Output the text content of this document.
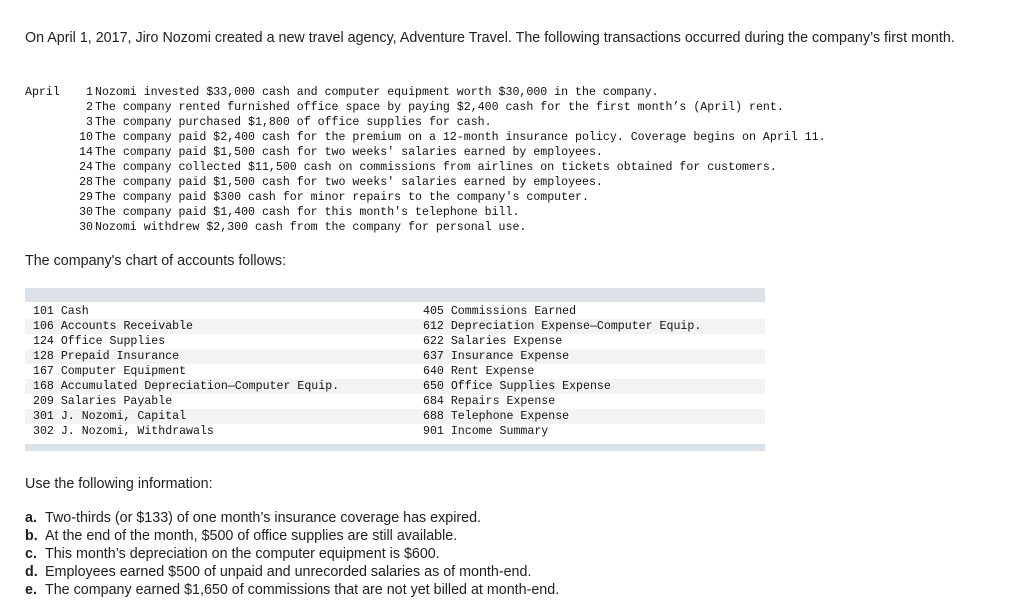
On April 1, 2017, Jiro Nozomi created a new travel agency, Adventure Travel. The following transactions occurred during the company’s first month.

April	1 Nozomi invested $33,000 cash and computer equipment worth $30,000 in the company.
2 The company rented furnished office space by paying $2,400 cash for the first month’s (April) rent.
3 The company purchased $1,800 of office supplies for cash.
10 The company paid $2,400 cash for the premium on a 12-month insurance policy. Coverage begins on April 11.
14 The company paid $1,500 cash for two weeks' salaries earned by employees.
24 The company collected $11,500 cash on commissions from airlines on tickets obtained for customers.
28 The company paid $1,500 cash for two weeks' salaries earned by employees.
29 The company paid $300 cash for minor repairs to the company's computer.
30 The company paid $1,400 cash for this month's telephone bill.
30 Nozomi withdrew $2,300 cash from the company for personal use.

The company's chart of accounts follows:

101 Cash	405 Commissions Earned
106 Accounts Receivable	612 Depreciation Expense—Computer Equip.
124 Office Supplies	622 Salaries Expense
128 Prepaid Insurance	637 Insurance Expense
167 Computer Equipment	640 Rent Expense
168 Accumulated Depreciation—Computer Equip.	650 Office Supplies Expense
209 Salaries Payable	684 Repairs Expense
301 J. Nozomi, Capital	688 Telephone Expense
302 J. Nozomi, Withdrawals	901 Income Summary

Use the following information:

a. Two-thirds (or $133) of one month’s insurance coverage has expired.
b. At the end of the month, $500 of office supplies are still available.
c. This month’s depreciation on the computer equipment is $600.
d. Employees earned $500 of unpaid and unrecorded salaries as of month-end.
e. The company earned $1,650 of commissions that are not yet billed at month-end.
